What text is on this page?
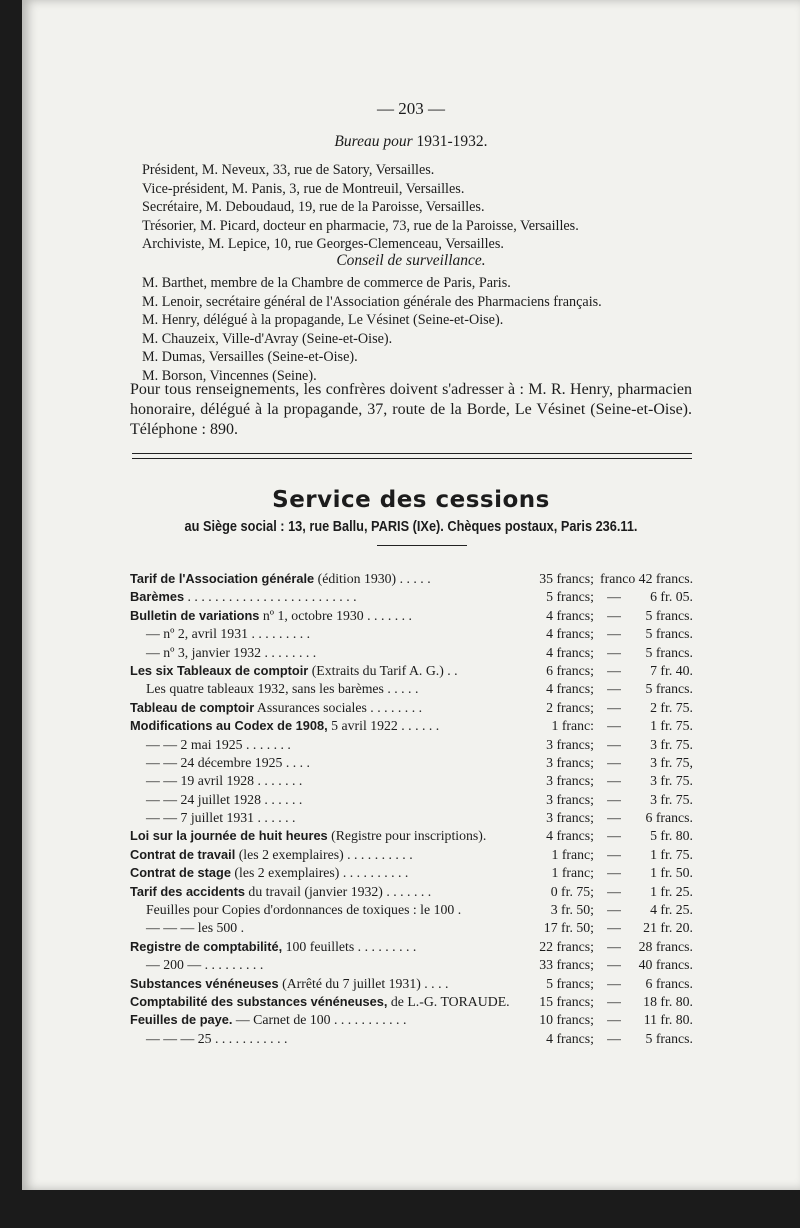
— 203 —
Bureau pour 1931-1932.
Président, M. Neveux, 33, rue de Satory, Versailles.
Vice-président, M. Panis, 3, rue de Montreuil, Versailles.
Secrétaire, M. Deboudaud, 19, rue de la Paroisse, Versailles.
Trésorier, M. Picard, docteur en pharmacie, 73, rue de la Paroisse, Versailles.
Archiviste, M. Lepice, 10, rue Georges-Clemenceau, Versailles.
Conseil de surveillance.
M. Barthet, membre de la Chambre de commerce de Paris, Paris.
M. Lenoir, secrétaire général de l'Association générale des Pharmaciens français.
M. Henry, délégué à la propagande, Le Vésinet (Seine-et-Oise).
M. Chauzeix, Ville-d'Avray (Seine-et-Oise).
M. Dumas, Versailles (Seine-et-Oise).
M. Borson, Vincennes (Seine).

Pour tous renseignements, les confrères doivent s'adresser à : M. R. Henry, pharmacien honoraire, délégué à la propagande, 37, route de la Borde, Le Vésinet (Seine-et-Oise). Téléphone : 890.

Service des cessions
au Siège social : 13, rue Ballu, PARIS (IXe). Chèques postaux, Paris 236.11.
Tarif de l'Association générale (édition 1930) . . . . .	35 francs; franco 42 francs.
Barèmes . . . . . . . . . . . . . . . . . . . . . . . . .	5 francs; —	6 fr. 05.
Bulletin de variations nº 1, octobre 1930 . . . . . . .	4 francs; —	5 francs.
— nº 2, avril 1931 . . . . . . . . .	4 francs; —	5 francs.
— nº 3, janvier 1932 . . . . . . . .	4 francs; —	5 francs.
Les six Tableaux de comptoir (Extraits du Tarif A. G.) . .	6 francs; —	7 fr. 40.
Les quatre tableaux 1932, sans les barèmes . . . . .	4 francs; —	5 francs.
Tableau de comptoir Assurances sociales . . . . . . . .	2 francs; —	2 fr. 75.
Modifications au Codex de 1908, 5 avril 1922 . . . . . .	1 franc: —	1 fr. 75.
— — 2 mai 1925 . . . . . . .	3 francs; —	3 fr. 75.
— — 24 décembre 1925 . . . .	3 francs; —	3 fr. 75,
— — 19 avril 1928 . . . . . . .	3 francs; —	3 fr. 75.
— — 24 juillet 1928 . . . . . .	3 francs; —	3 fr. 75.
— — 7 juillet 1931 . . . . . .	3 francs; —	6 francs.
Loi sur la journée de huit heures (Registre pour inscriptions).	4 francs; —	5 fr. 80.
Contrat de travail (les 2 exemplaires) . . . . . . . . . .	1 franc; —	1 fr. 75.
Contrat de stage (les 2 exemplaires) . . . . . . . . . .	1 franc; —	1 fr. 50.
Tarif des accidents du travail (janvier 1932) . . . . . . .	0 fr. 75; —	1 fr. 25.
Feuilles pour Copies d'ordonnances de toxiques : le 100 .	3 fr. 50; —	4 fr. 25.
— — — les 500 .	17 fr. 50; —	21 fr. 20.
Registre de comptabilité, 100 feuillets . . . . . . . . .	22 francs; —	28 francs.
— 200 — . . . . . . . . .	33 francs; —	40 francs.
Substances vénéneuses (Arrêté du 7 juillet 1931) . . . .	5 francs; —	6 francs.
Comptabilité des substances vénéneuses, de L.-G. TORAUDE.	15 francs; —	18 fr. 80.
Feuilles de paye. — Carnet de 100 . . . . . . . . . . .	10 francs; —	11 fr. 80.
— — — 25 . . . . . . . . . . .	4 francs; —	5 francs.
